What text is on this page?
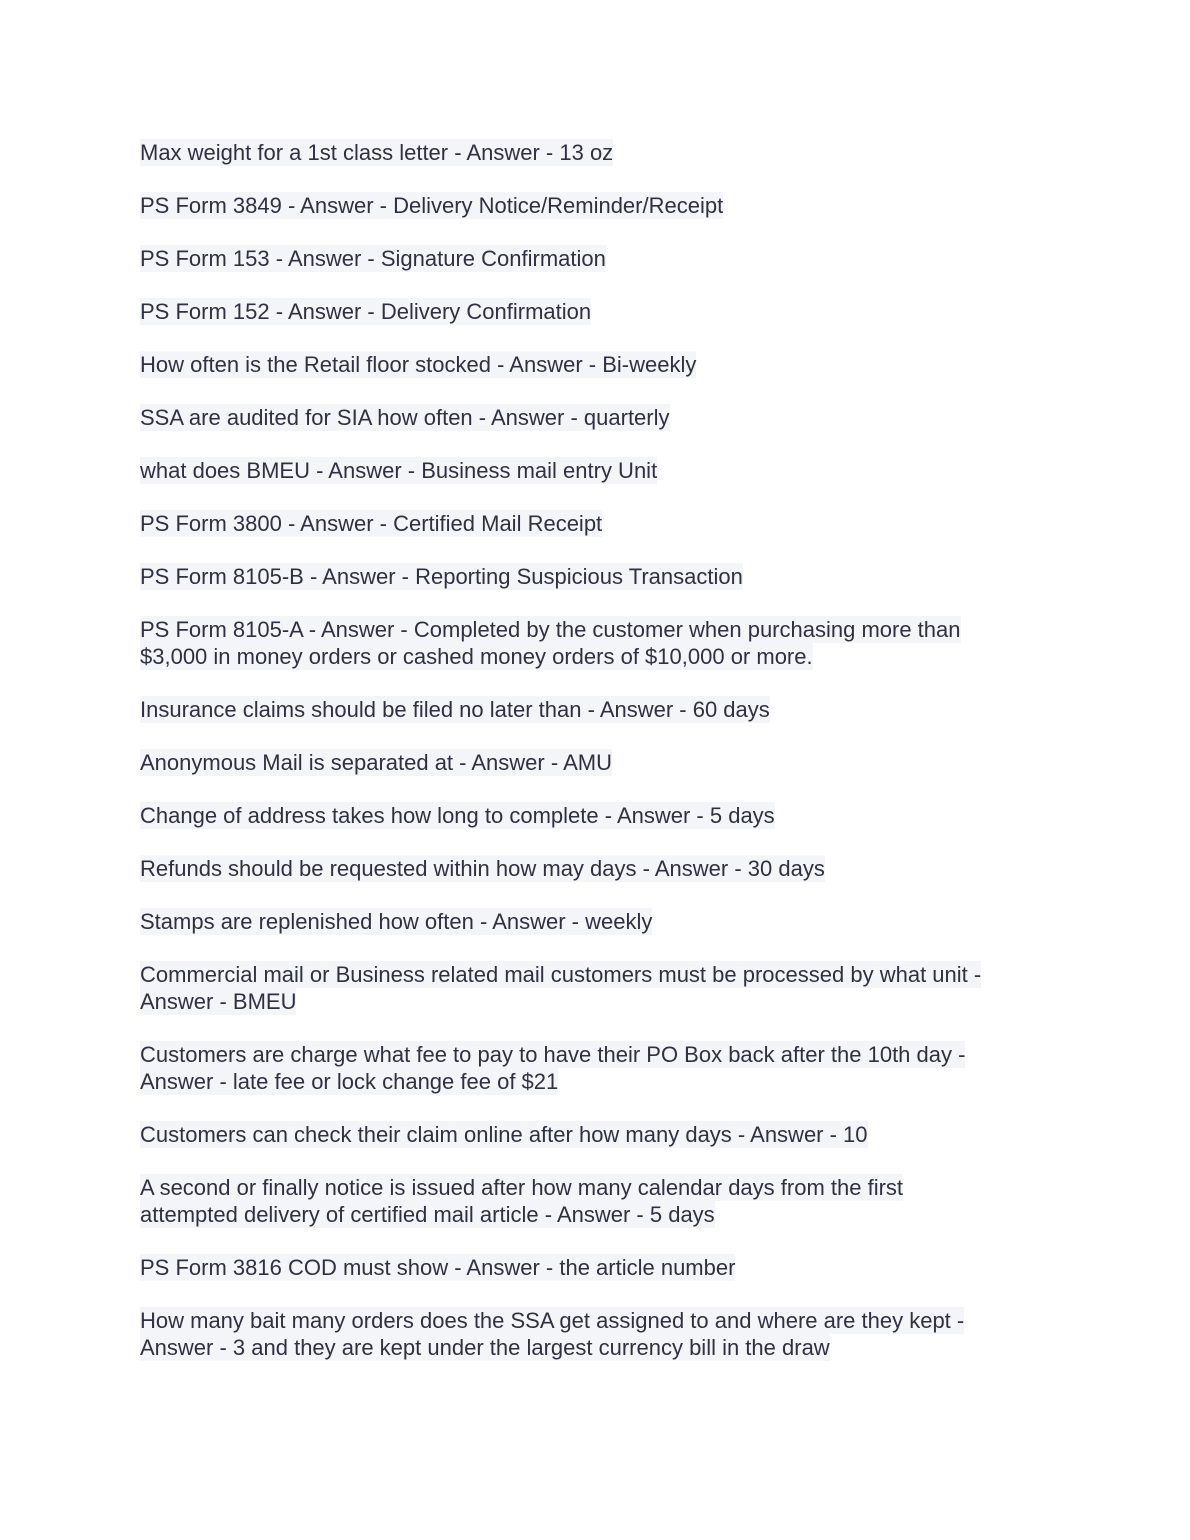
Max weight for a 1st class letter - Answer - 13 oz
PS Form 3849 - Answer - Delivery Notice/Reminder/Receipt
PS Form 153 - Answer - Signature Confirmation
PS Form 152 - Answer - Delivery Confirmation
How often is the Retail floor stocked - Answer - Bi-weekly
SSA are audited for SIA how often - Answer - quarterly
what does BMEU - Answer - Business mail entry Unit
PS Form 3800 - Answer - Certified Mail Receipt
PS Form 8105-B - Answer - Reporting Suspicious Transaction
PS Form 8105-A - Answer - Completed by the customer when purchasing more than
$3,000 in money orders or cashed money orders of $10,000 or more.
Insurance claims should be filed no later than - Answer - 60 days
Anonymous Mail is separated at - Answer - AMU
Change of address takes how long to complete - Answer - 5 days
Refunds should be requested within how may days - Answer - 30 days
Stamps are replenished how often - Answer - weekly
Commercial mail or Business related mail customers must be processed by what unit -
Answer - BMEU
Customers are charge what fee to pay to have their PO Box back after the 10th day -
Answer - late fee or lock change fee of $21
Customers can check their claim online after how many days - Answer - 10
A second or finally notice is issued after how many calendar days from the first
attempted delivery of certified mail article - Answer - 5 days
PS Form 3816 COD must show - Answer - the article number
How many bait many orders does the SSA get assigned to and where are they kept -
Answer - 3 and they are kept under the largest currency bill in the draw
